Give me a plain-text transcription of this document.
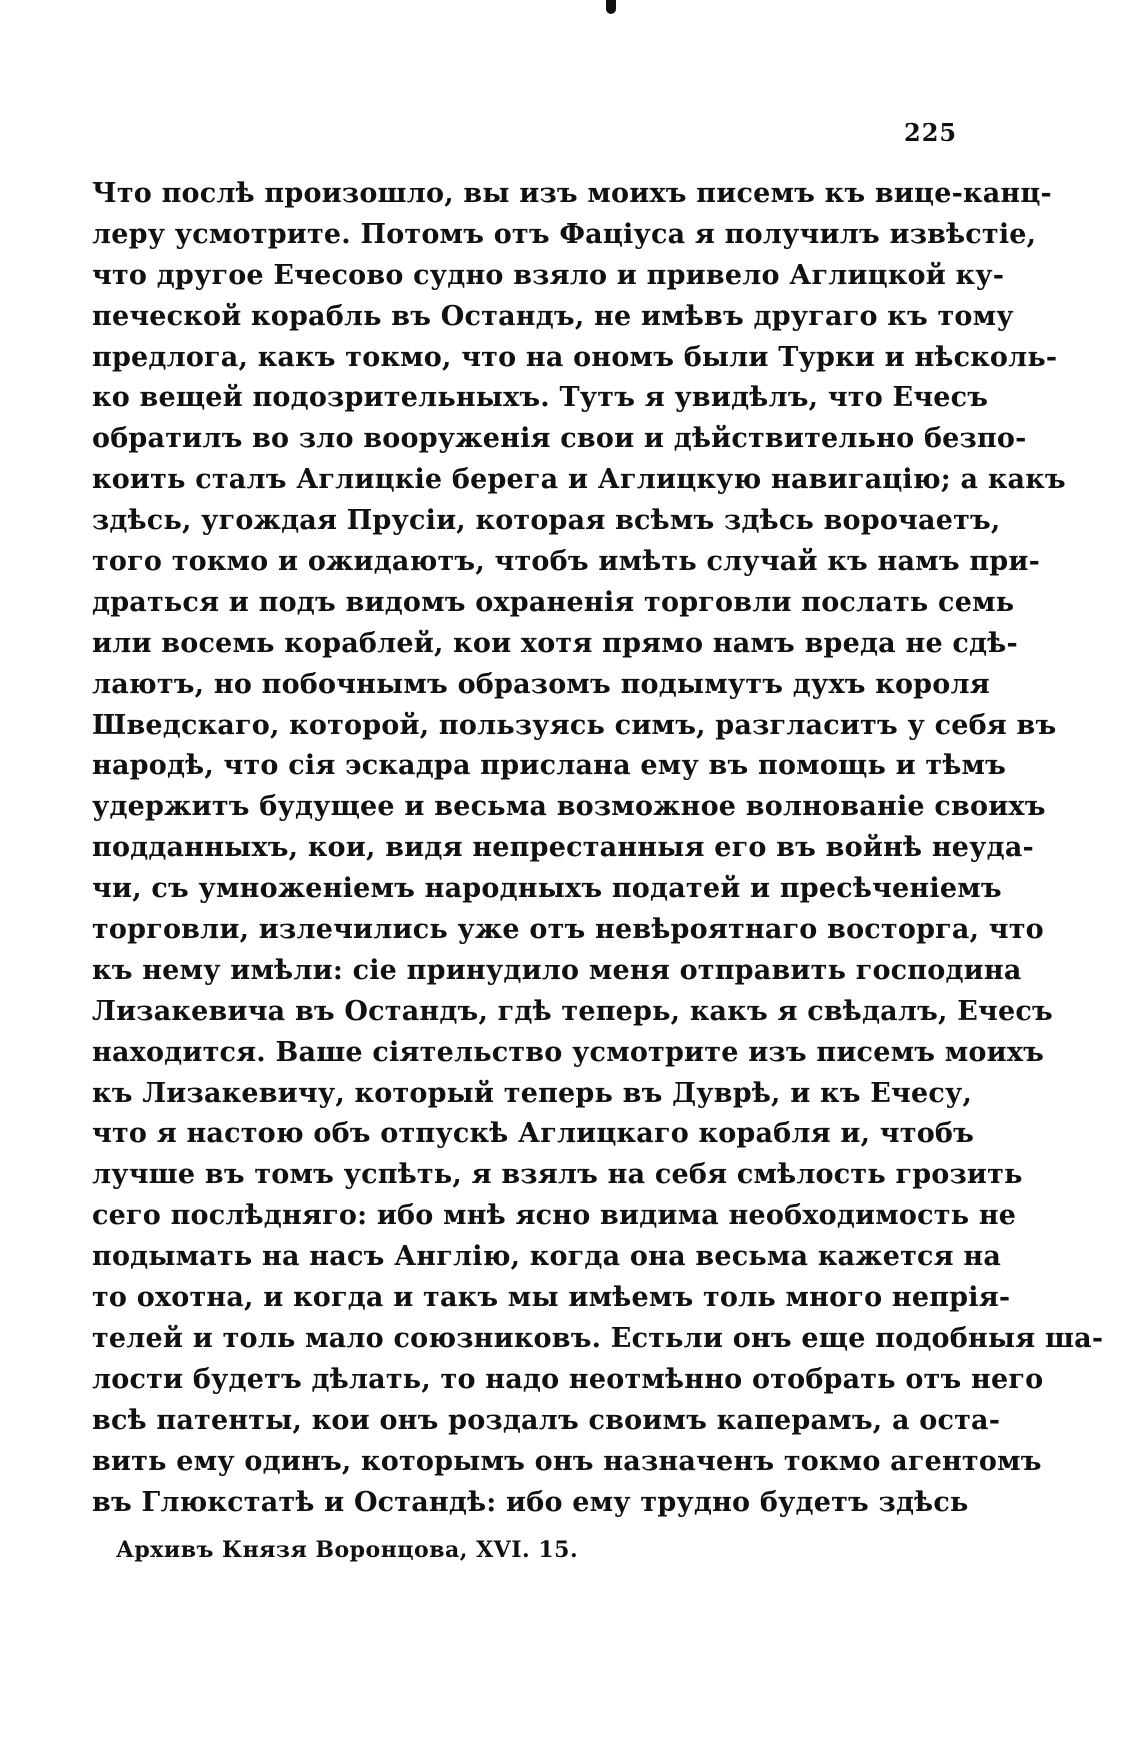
225
Что послѣ произошло, вы изъ моихъ писемъ къ вице-канц-
леру усмотрите. Потомъ отъ Фаціуса я получилъ извѣстіе,
что другое Ечесово судно взяло и привело Аглицкой ку-
печеской корабль въ Остандъ, не имѣвъ другаго къ тому
предлога, какъ токмо, что на ономъ были Турки и нѣсколь-
ко вещей подозрительныхъ. Тутъ я увидѣлъ, что Ечесъ
обратилъ во зло вооруженія свои и дѣйствительно безпо-
коить сталъ Аглицкіе берега и Аглицкую навигацію; а какъ
здѣсь, угождая Прусіи, которая всѣмъ здѣсь ворочаетъ,
того токмо и ожидаютъ, чтобъ имѣть случай къ намъ при-
драться и подъ видомъ охраненія торговли послать семь
или восемь кораблей, кои хотя прямо намъ вреда не сдѣ-
лаютъ, но побочнымъ образомъ подымутъ духъ короля
Шведскаго, которой, пользуясь симъ, разгласитъ у себя въ
народѣ, что сія эскадра прислана ему въ помощь и тѣмъ
удержитъ будущее и весьма возможное волнованіе своихъ
подданныхъ, кои, видя непрестанныя его въ войнѣ неуда-
чи, съ умноженіемъ народныхъ податей и пресѣченіемъ
торговли, излечились уже отъ невѣроятнаго восторга, что
къ нему имѣли: сіе принудило меня отправить господина
Лизакевича въ Остандъ, гдѣ теперь, какъ я свѣдалъ, Ечесъ
находится. Ваше сіятельство усмотрите изъ писемъ моихъ
къ Лизакевичу, который теперь въ Дуврѣ, и къ Ечесу,
что я настою объ отпускѣ Аглицкаго корабля и, чтобъ
лучше въ томъ успѣть, я взялъ на себя смѣлость грозить
сего послѣдняго: ибо мнѣ ясно видима необходимость не
подымать на насъ Англію, когда она весьма кажется на
то охотна, и когда и такъ мы имѣемъ толь много непрія-
телей и толь мало союзниковъ. Естьли онъ еще подобныя ша-
лости будетъ дѣлать, то надо неотмѣнно отобрать отъ него
всѣ патенты, кои онъ роздалъ своимъ каперамъ, а оста-
вить ему одинъ, которымъ онъ назначенъ токмо агентомъ
въ Глюкстатѣ и Остандѣ: ибо ему трудно будетъ здѣсь
Архивъ Князя Воронцова, XVI. 15.
